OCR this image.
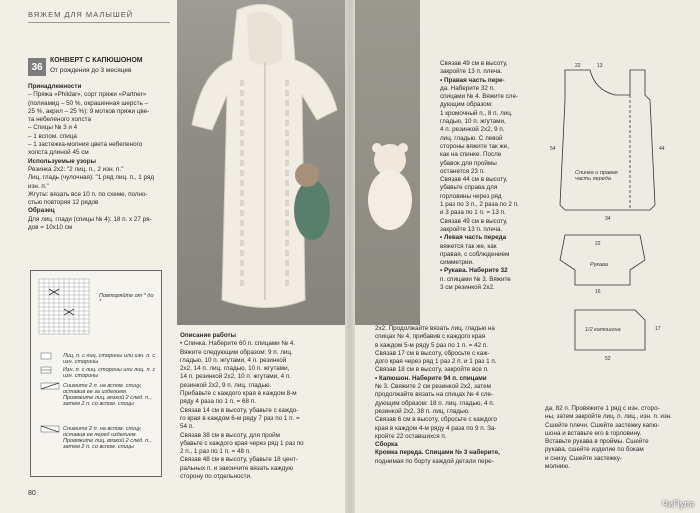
ВЯЖЕМ ДЛЯ МАЛЫШЕЙ
36
КОНВЕРТ С КАПЮШОНОМ
От рождения до 3 месяцев

Принадлежности

– Пряжа «Phildar», сорт пряжи «Partner»

(полиамид – 50 %, окрашенная шерсть –

25 %, акрил – 25 %): 9 мотков пряжи цве-

та небеленого холста

– Спицы № 3 и 4

– 1 вспом. спица

– 1 застежка-молния цвета небеленого

холста длиной 45 см

Используемые узоры

Резинка 2х2: "2 лиц. п., 2 изн. п."

Лиц. гладь (чулочная): "1 ряд лиц. п., 1 ряд

изн. п."

Жгуты: вязать все 10 п. по схеме, полно-

стью повторяя 12 рядов

Образец

Для лиц. глади (спицы № 4): 18 п. х 27 ря-

дов = 10х10 см

Повторяйте от * до *
Лиц. п. с лиц. стороны или изн. п. с изн. стороны
Изн. п. с лиц. стороны или лиц. п. с изн. стороны
Снимите 2 п. на вспом. спицу, оставив ее за изделием. Провяжите лиц. вязкой 2 след. п., затем 2 п. со вспом. спицы
Снимите 2 п. на вспом. спицу, оставив ее перед изделием. Провяжите лиц. вязкой 2 след. п., затем 2 п. со вспом. спицы
80

Описание работы

• Спинка. Наберите 60 п. спицами № 4.

Вяжите следующим образом: 9 п. лиц.

гладью, 10 п. жгутами, 4 п. резинкой

2х2, 14 п. лиц. гладью, 10 п. жгутами,

14 п. резинкой 2х2, 10 п. жгутами, 4 п.

резинкой 2х2, 9 п. лиц. гладью.

Прибавьте с каждого края в каждом 8-м

ряду 4 раза по 1 п. = 68 п.

Связав 14 см в высоту, убавьте с каждо-

го края в каждом 6-м ряду 7 раз по 1 п. =

54 п.

Связав 38 см в высоту, для пройм

убавьте с каждого края через ряд 1 раз по

2 п., 1 раз по 1 п. = 48 п.

Связав 48 см в высоту, убавьте 18 цент-

ральных п. и закончите вязать каждую

сторону по отдельности.

Связав 49 см в высоту,

закройте 13 п. плеча.

• Правая часть пере-

да. Наберите 32 п.

спицами № 4. Вяжите сле-

дующим образом:

1 кромочный п., 8 п. лиц.

гладью, 10 п. жгутами,

4 п. резинкой 2х2, 9 п.

лиц. гладью. С левой

стороны вяжите так же,

как на спинке. После

убавок для проймы

останется 23 п.

Связав 44 см в высоту,

убавьте справа для

горловины через ряд

1 раз по 3 п., 2 раза по 2 п.

и 3 раза по 1 п. = 13 п.

Связав 49 см в высоту,

закройте 13 п. плеча.

• Левая часть переда

вяжется так же, как

правая, с соблюдением

симметрии.

• Рукава. Наберите 32

п. спицами № 3. Вяжите

3 см резинкой 2х2.

2х2. Продолжайте вязать лиц. гладью на

спицах № 4, прибавив с каждого края

в каждом 5-м ряду 5 раз по 1 п. = 42 п.

Связав 17 см в высоту, сбросьте с каж-

дого края через ряд 1 раз 2 п. и 1 раз 1 п.

Связав 18 см в высоту, закройте все п.

• Капюшон. Наберите 94 п. спицами

№ 3. Свяжите 2 см резинкой 2х2, затем

продолжайте вязать на спицах № 4 сле-

дующим образом: 18 п. лиц. гладью, 4 п.

резинкой 2х2, 38 п. лиц. гладью.

Связав 6 см в высоту, сбросьте с каждого

края в каждом 4-м ряду 4 раза по 9 п. За-

кройте 22 оставшихся п.

Сборка

Кромка переда. Спицами № 3 наберите,

поднимая по борту каждой детали пере-

да, 82 п. Провяжите 1 ряд с изн. сторо-

ны, затем закройте лиц. п. лиц., изн. п. изн.

Сшейте плечи. Сшейте застежку капю-

шона и вставьте его в горловину.

Вставьте рукава в проймы. Сшейте

рукава, сшейте изделие по бокам

и снизу. Сшейте застежку-

молнию.

22	13
34
44
54
22
16
52
17
Спинка и правая часть переда
Рукава
1/2 капюшона
ЧиПуля
